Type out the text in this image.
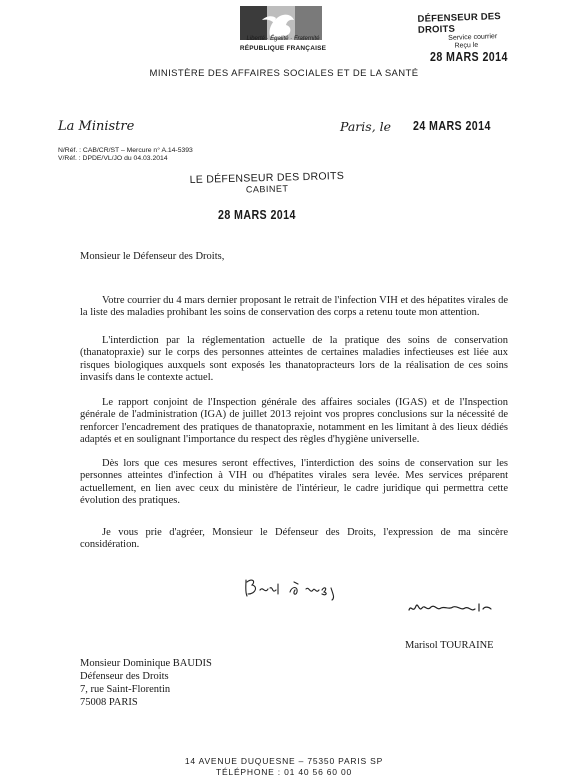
Liberté · Égalité · Fraternité
RÉPUBLIQUE FRANÇAISE
MINISTÈRE DES AFFAIRES SOCIALES ET DE LA SANTÉ
DÉFENSEUR DES DROITS
Service courrier
Reçu le
28 MARS 2014
La Ministre	Paris, le 24 MARS 2014
N/Réf. : CAB/CR/ST – Mercure n° A.14-5393
V/Réf. : DPDE/VL/JO du 04.03.2014
LE DÉFENSEUR DES DROITS
CABINET
28 MARS 2014
Monsieur le Défenseur des Droits,

Votre courrier du 4 mars dernier proposant le retrait de l'infection VIH et des hépatites virales de la liste des maladies prohibant les soins de conservation des corps a retenu toute mon attention.

L'interdiction par la réglementation actuelle de la pratique des soins de conservation (thanatopraxie) sur le corps des personnes atteintes de certaines maladies infectieuses est liée aux risques biologiques auxquels sont exposés les thanatopracteurs lors de la réalisation de ces soins invasifs dans le contexte actuel.

Le rapport conjoint de l'Inspection générale des affaires sociales (IGAS) et de l'Inspection générale de l'administration (IGA) de juillet 2013 rejoint vos propres conclusions sur la nécessité de renforcer l'encadrement des pratiques de thanatopraxie, notamment en les limitant à des lieux dédiés adaptés et en soulignant l'importance du respect des règles d'hygiène universelle.

Dès lors que ces mesures seront effectives, l'interdiction des soins de conservation sur les personnes atteintes d'infection à VIH ou d'hépatites virales sera levée. Mes services préparent actuellement, en lien avec ceux du ministère de l'intérieur, le cadre juridique qui permettra cette évolution des pratiques.

Je vous prie d'agréer, Monsieur le Défenseur des Droits, l'expression de ma sincère considération.

Marisol TOURAINE
Monsieur Dominique BAUDIS
Défenseur des Droits
7, rue Saint-Florentin
75008 PARIS
14 AVENUE DUQUESNE – 75350 PARIS SP
TÉLÉPHONE : 01 40 56 60 00
